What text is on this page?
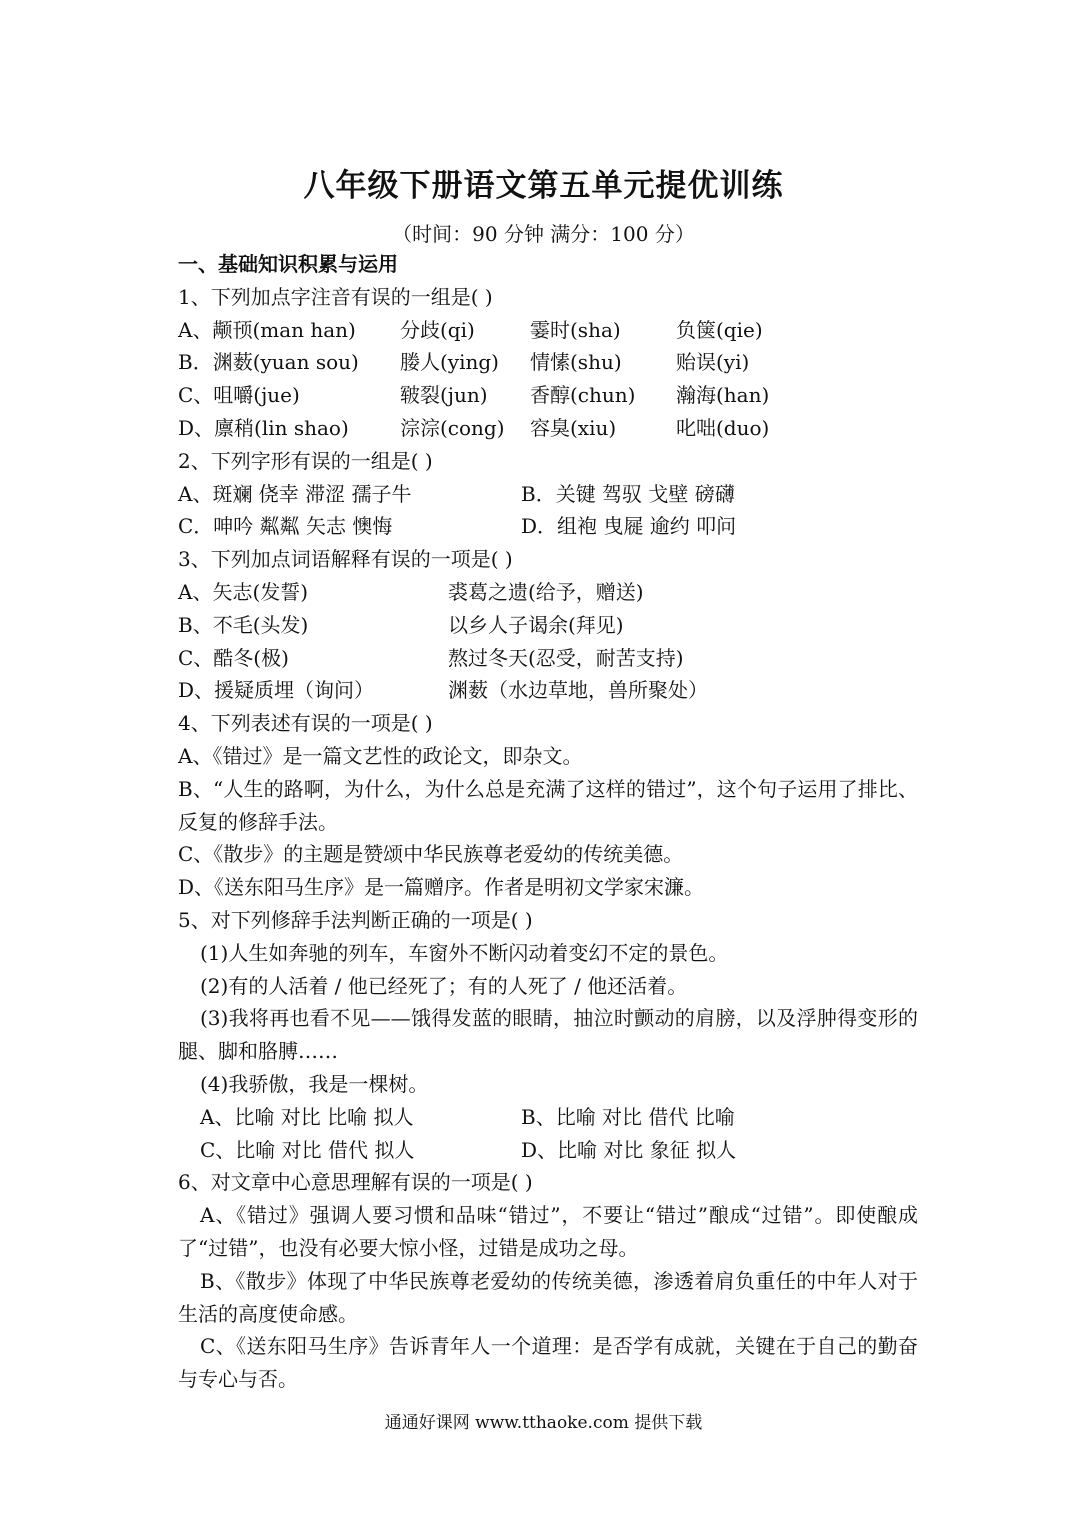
八年级下册语文第五单元提优训练
（时间：90 分钟 满分：100 分）
一、基础知识积累与运用
1、下列加点字注音有误的一组是( )
A、颟顸(man han)	分歧(qi)	霎时(sha)	负箧(qie)
B．渊薮(yuan sou)	媵人(ying)	情愫(shu)	贻误(yi)
C、咀嚼(jue)	皲裂(jun)	香醇(chun)	瀚海(han)
D、廪稍(lin shao)	淙淙(cong)	容臭(xiu)	叱咄(duo)
2、下列字形有误的一组是( )
A、斑斓 侥幸 滞涩 孺子牛	B．关键 驾驭 戈壁 磅礴
C．呻吟 粼粼 矢志 懊悔	D．组袍 曳屣 逾约 叩问
3、下列加点词语解释有误的一项是( )
A、矢志(发誓)	裘葛之遗(给予，赠送)
B、不毛(头发)	以乡人子谒余(拜见)
C、酷冬(极)	熬过冬天(忍受，耐苦支持)
D、援疑质埋（询问）	渊薮（水边草地，兽所聚处）
4、下列表述有误的一项是( )
A、《错过》是一篇文艺性的政论文，即杂文。
B、“人生的路啊，为什么，为什么总是充满了这样的错过”，这个句子运用了排比、反复的修辞手法。
C、《散步》的主题是赞颂中华民族尊老爱幼的传统美德。
D、《送东阳马生序》是一篇赠序。作者是明初文学家宋濂。
5、对下列修辞手法判断正确的一项是( )
(1)人生如奔驰的列车，车窗外不断闪动着变幻不定的景色。
(2)有的人活着 / 他已经死了；有的人死了 / 他还活着。
(3)我将再也看不见——饿得发蓝的眼睛，抽泣时颤动的肩膀，以及浮肿得变形的腿、脚和胳膊……
(4)我骄傲，我是一棵树。
A、比喻 对比 比喻 拟人	B、比喻 对比 借代 比喻
C、比喻 对比 借代 拟人	D、比喻 对比 象征 拟人
6、对文章中心意思理解有误的一项是( )
A、《错过》强调人要习惯和品味“错过”，不要让“错过”酿成“过错”。即使酿成了“过错”，也没有必要大惊小怪，过错是成功之母。
B、《散步》体现了中华民族尊老爱幼的传统美德，渗透着肩负重任的中年人对于生活的高度使命感。
C、《送东阳马生序》告诉青年人一个道理：是否学有成就，关键在于自己的勤奋与专心与否。
通通好课网 www.tthaoke.com 提供下载
